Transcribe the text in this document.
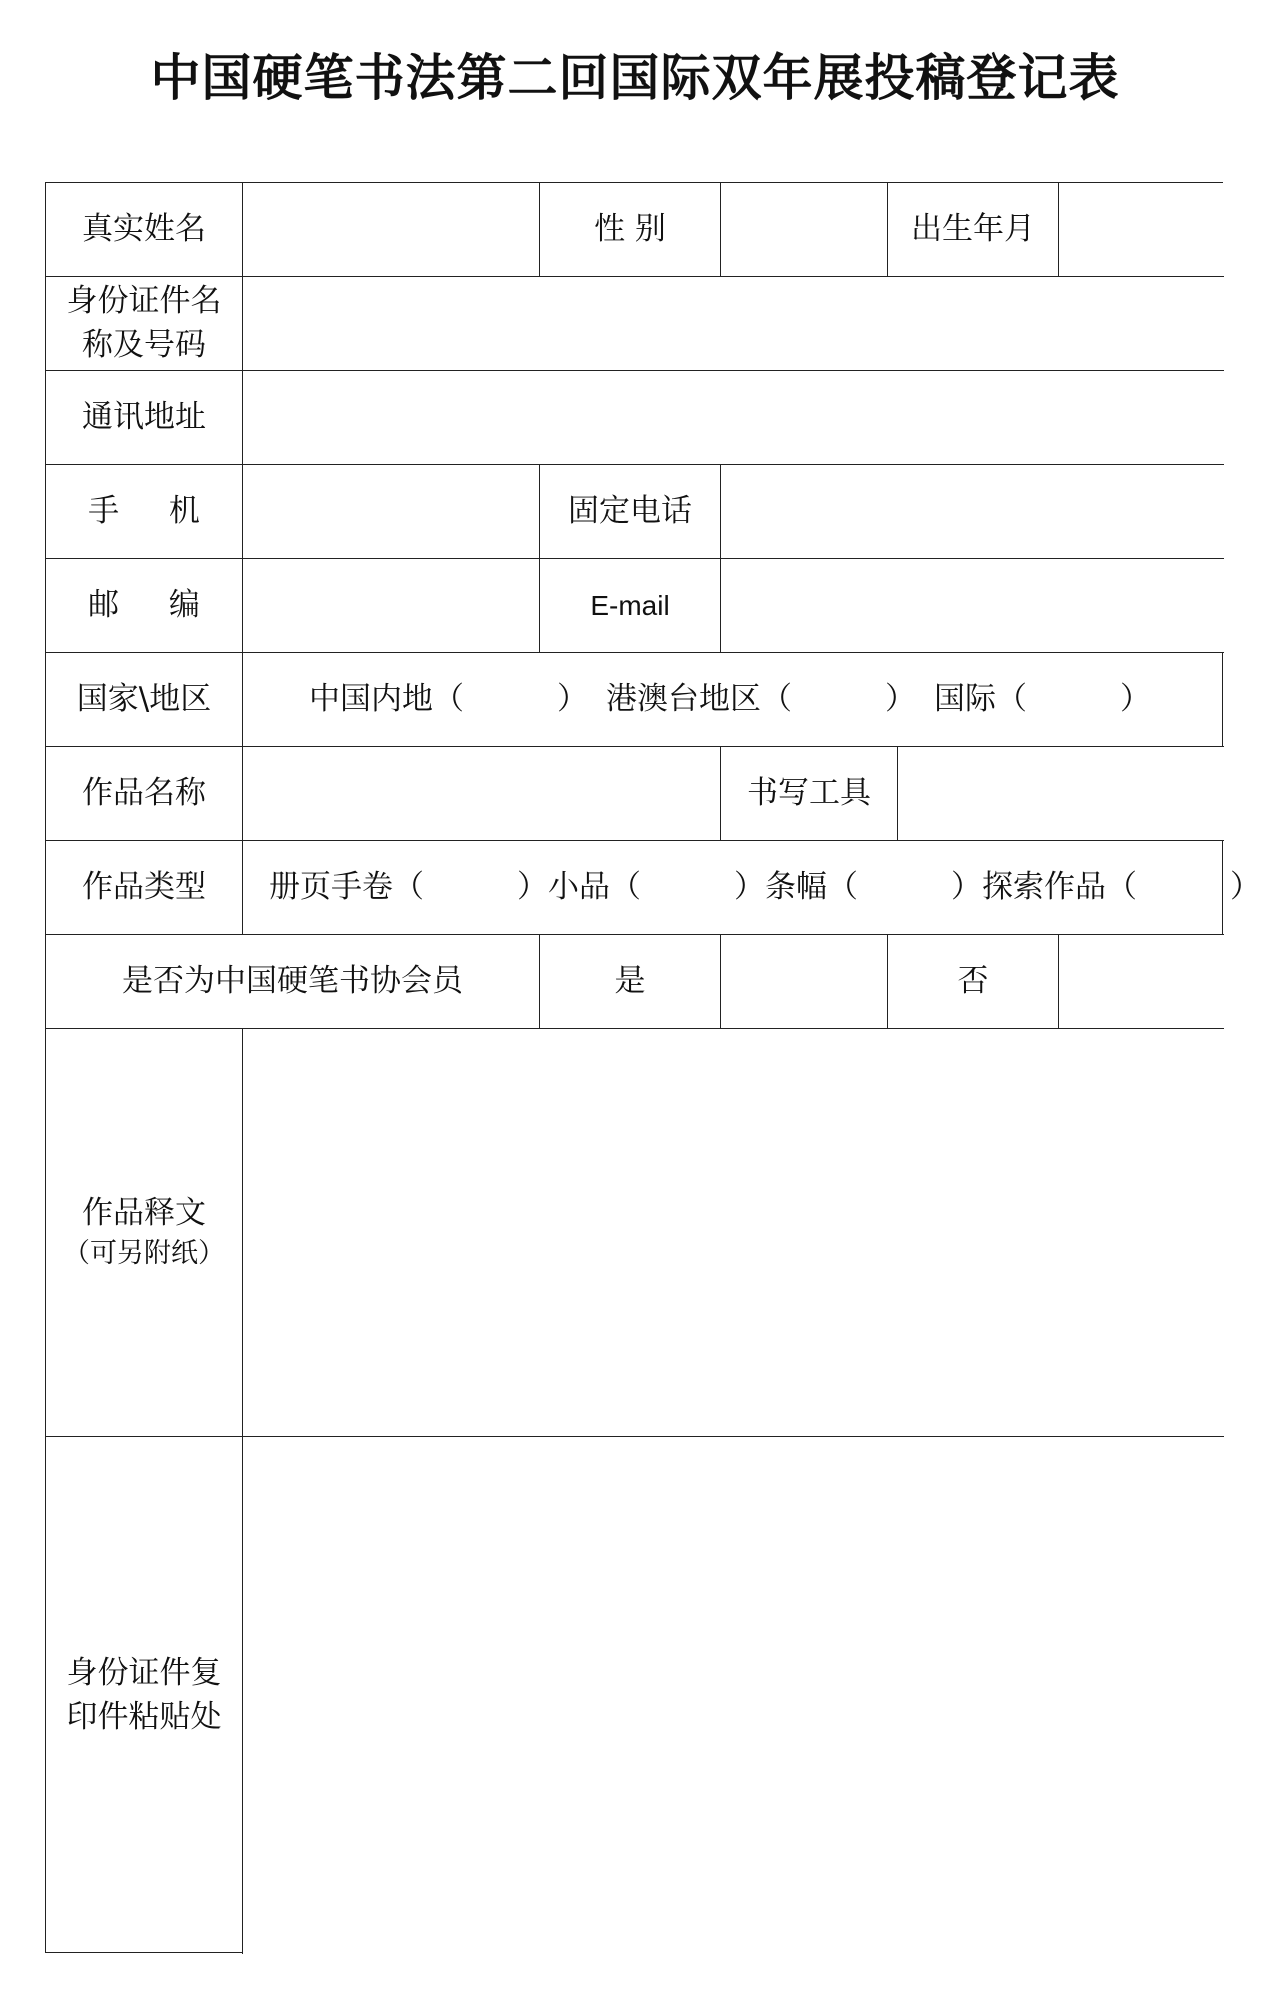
中国硬笔书法第二回国际双年展投稿登记表
真实姓名	性 别	出生年月
身份证件名
称及号码
通讯地址
手 机	固定电话
邮 编	E-mail
国家\地区	中国内地（　　　） 港澳台地区（　　　） 国际（　　　）
作品名称	书写工具
作品类型	册页手卷（　　　） 小品（　　　） 条幅（　　　） 探索作品（　　　）
是否为中国硬笔书协会员	是	否
作品释文
（可另附纸）
身份证件复
印件粘贴处
